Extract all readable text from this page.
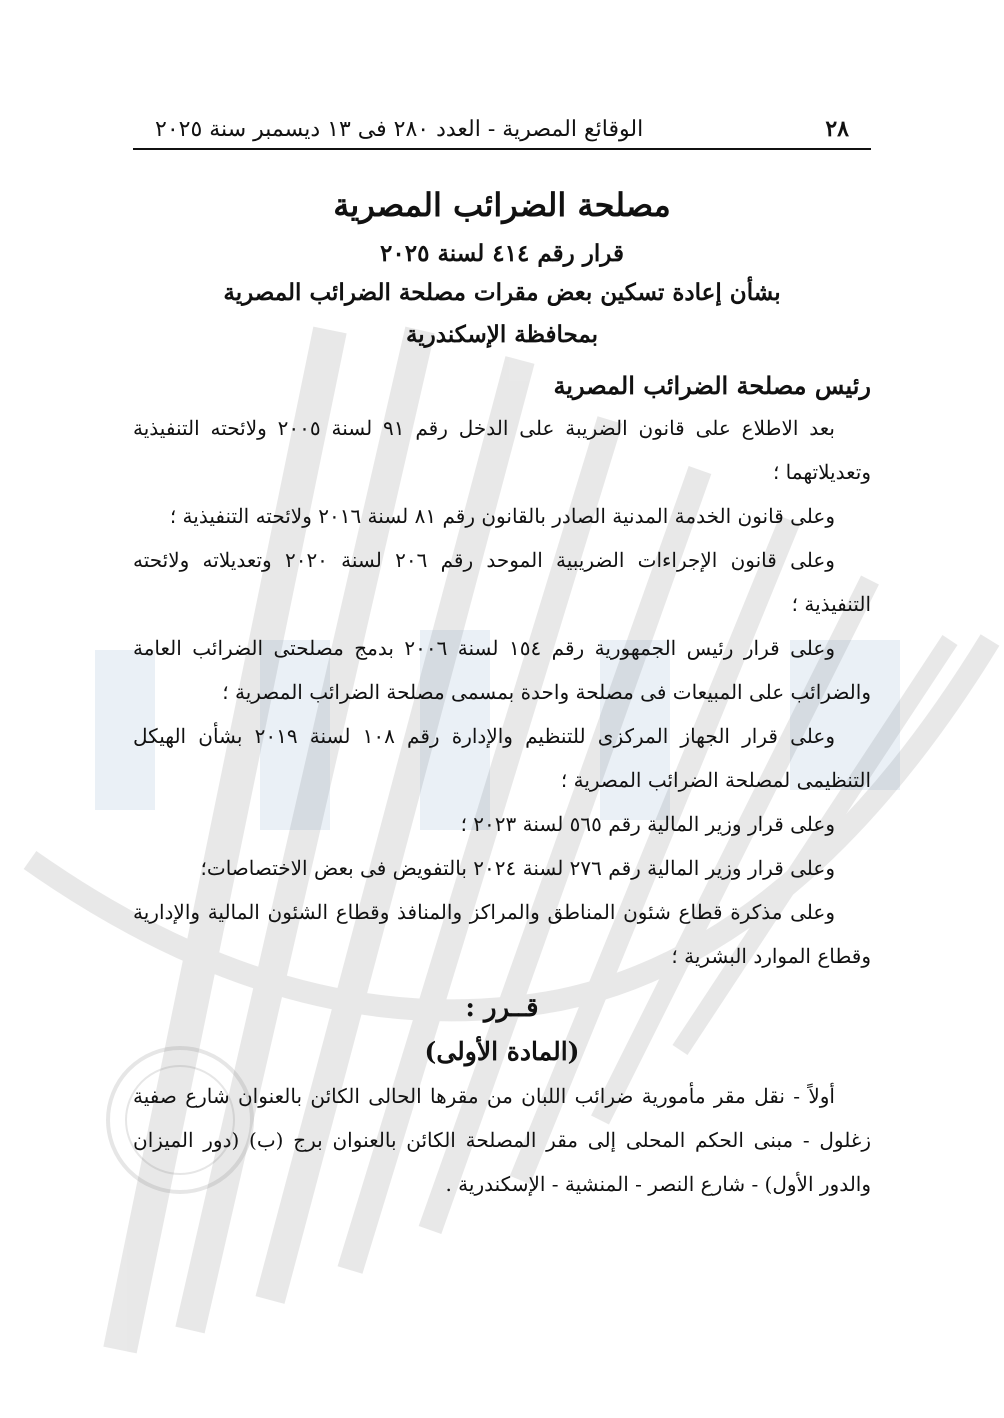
٢٨
الوقائع المصرية - العدد ٢٨٠ فى ١٣ ديسمبر سنة ٢٠٢٥
مصلحة الضرائب المصرية
قرار رقم ٤١٤ لسنة ٢٠٢٥
بشأن إعادة تسكين بعض مقرات مصلحة الضرائب المصرية
بمحافظة الإسكندرية
رئيس مصلحة الضرائب المصرية

بعد الاطلاع على قانون الضريبة على الدخل رقم ٩١ لسنة ٢٠٠٥ ولائحته التنفيذية وتعديلاتهما ؛

وعلى قانون الخدمة المدنية الصادر بالقانون رقم ٨١ لسنة ٢٠١٦ ولائحته التنفيذية ؛

وعلى قانون الإجراءات الضريبية الموحد رقم ٢٠٦ لسنة ٢٠٢٠ وتعديلاته ولائحته التنفيذية ؛

وعلى قرار رئيس الجمهورية رقم ١٥٤ لسنة ٢٠٠٦ بدمج مصلحتى الضرائب العامة والضرائب على المبيعات فى مصلحة واحدة بمسمى مصلحة الضرائب المصرية ؛

وعلى قرار الجهاز المركزى للتنظيم والإدارة رقم ١٠٨ لسنة ٢٠١٩ بشأن الهيكل التنظيمى لمصلحة الضرائب المصرية ؛

وعلى قرار وزير المالية رقم ٥٦٥ لسنة ٢٠٢٣ ؛

وعلى قرار وزير المالية رقم ٢٧٦ لسنة ٢٠٢٤ بالتفويض فى بعض الاختصاصات؛

وعلى مذكرة قطاع شئون المناطق والمراكز والمنافذ وقطاع الشئون المالية والإدارية وقطاع الموارد البشرية ؛

قــرر :
(المادة الأولى)

أولاً - نقل مقر مأمورية ضرائب اللبان من مقرها الحالى الكائن بالعنوان شارع صفية زغلول - مبنى الحكم المحلى إلى مقر المصلحة الكائن بالعنوان برج (ب) (دور الميزان والدور الأول) - شارع النصر - المنشية - الإسكندرية .
